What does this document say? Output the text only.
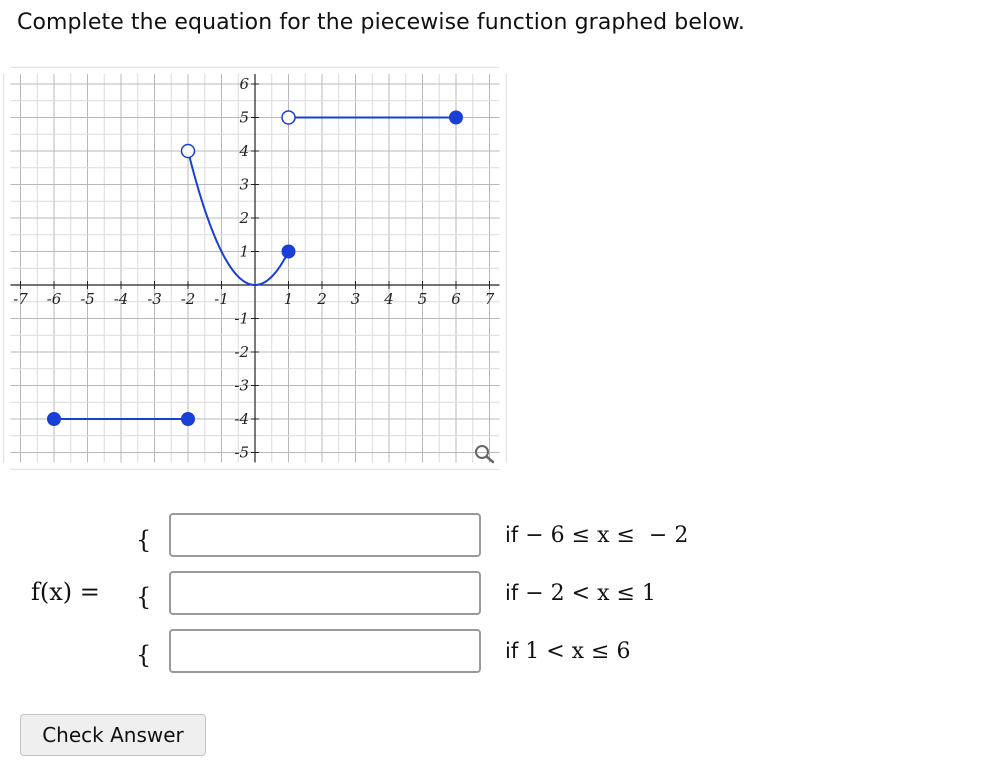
Complete the equation for the piecewise function graphed below.
-7 -6 -5 -4 -3 -2 -1	1 2 3 4 5 6 7
6
5
4
3
2
1
-1
-2
-3
-4
-5
f(x) =
{
{
{
if − 6 ≤ x ≤  − 2
if − 2 < x ≤ 1
if 1 < x ≤ 6
Check Answer
